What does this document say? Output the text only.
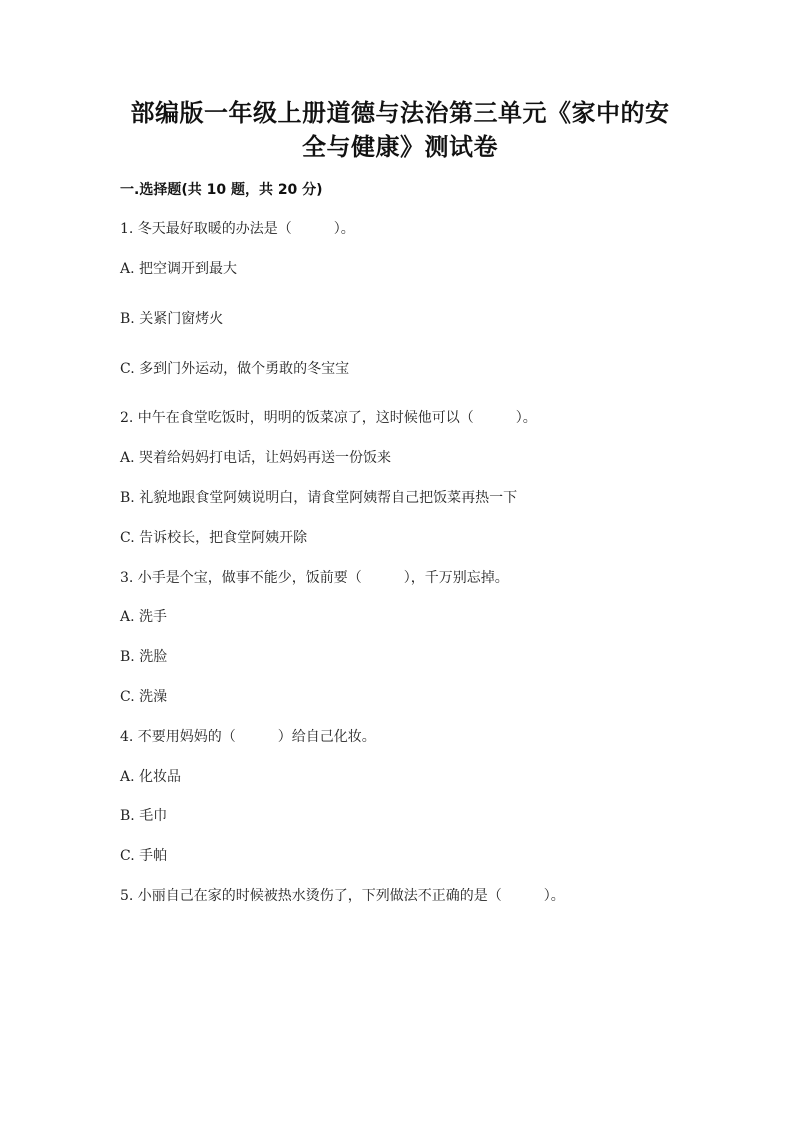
部编版一年级上册道德与法治第三单元《家中的安
全与健康》测试卷
一.选择题(共 10 题，共 20 分)
1. 冬天最好取暖的办法是（　　　）。
A. 把空调开到最大
B. 关紧门窗烤火
C. 多到门外运动，做个勇敢的冬宝宝
2. 中午在食堂吃饭时，明明的饭菜凉了，这时候他可以（　　　）。
A. 哭着给妈妈打电话，让妈妈再送一份饭来
B. 礼貌地跟食堂阿姨说明白，请食堂阿姨帮自己把饭菜再热一下
C. 告诉校长，把食堂阿姨开除
3. 小手是个宝，做事不能少，饭前要（　　　），千万别忘掉。
A. 洗手
B. 洗脸
C. 洗澡
4. 不要用妈妈的（　　　）给自己化妆。
A. 化妆品
B. 毛巾
C. 手帕
5. 小丽自己在家的时候被热水烫伤了，下列做法不正确的是（　　　）。
